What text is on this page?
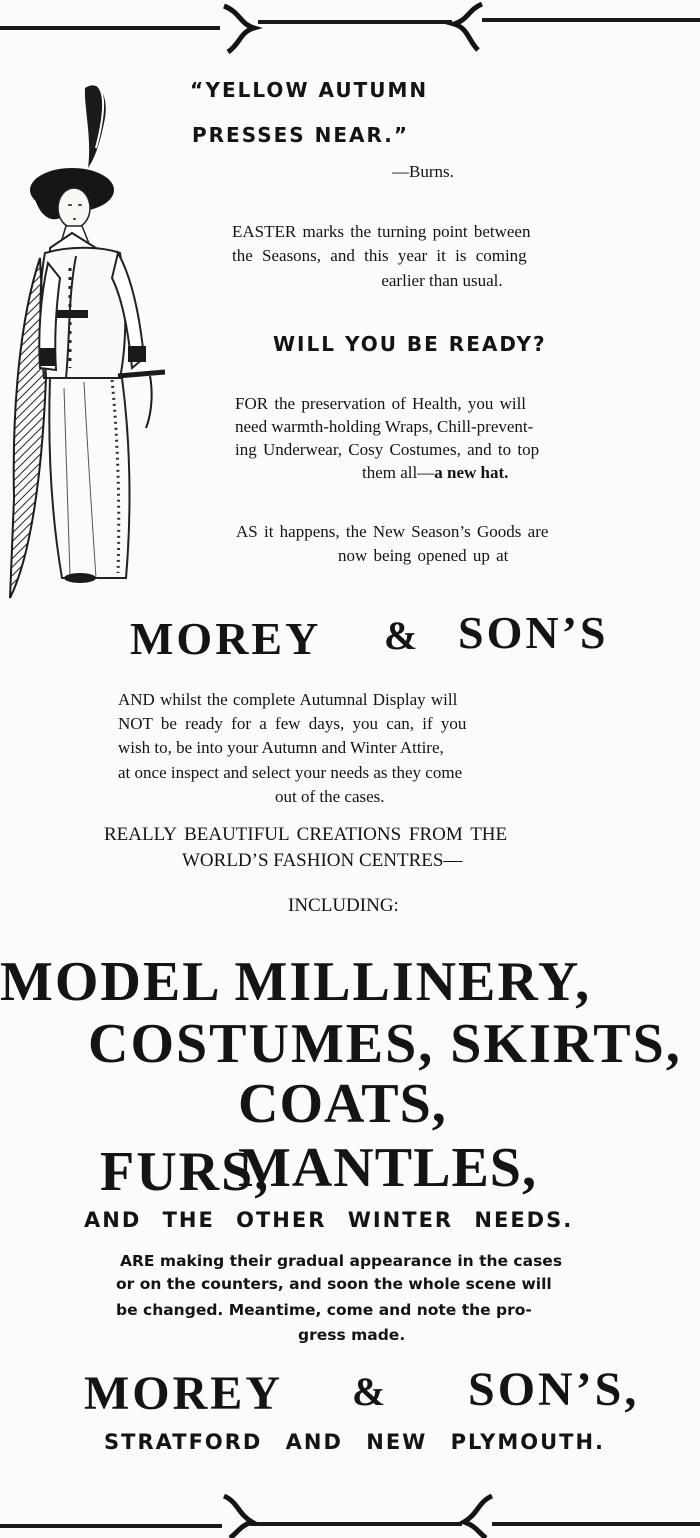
“YELLOW AUTUMN
PRESSES NEAR.”
—Burns.
EASTER marks the turning point between
the Seasons, and this year it is coming
earlier than usual.
WILL YOU BE READY?
FOR the preservation of Health, you will
need warmth-holding Wraps, Chill-prevent-
ing Underwear, Cosy Costumes, and to top
them all—a new hat.
AS it happens, the New Season’s Goods are
now being opened up at
MOREY & SON’S
AND whilst the complete Autumnal Display will
NOT be ready for a few days, you can, if you
wish to, be into your Autumn and Winter Attire,
at once inspect and select your needs as they come
out of the cases.
REALLY BEAUTIFUL CREATIONS FROM THE
WORLD’S FASHION CENTRES—
INCLUDING:
MODEL MILLINERY,
COSTUMES, SKIRTS,
COATS, MANTLES,
FURS,
AND THE OTHER WINTER NEEDS.
ARE making their gradual appearance in the cases
or on the counters, and soon the whole scene will
be changed. Meantime, come and note the pro-
gress made.
MOREY & SON’S,
STRATFORD AND NEW PLYMOUTH.
